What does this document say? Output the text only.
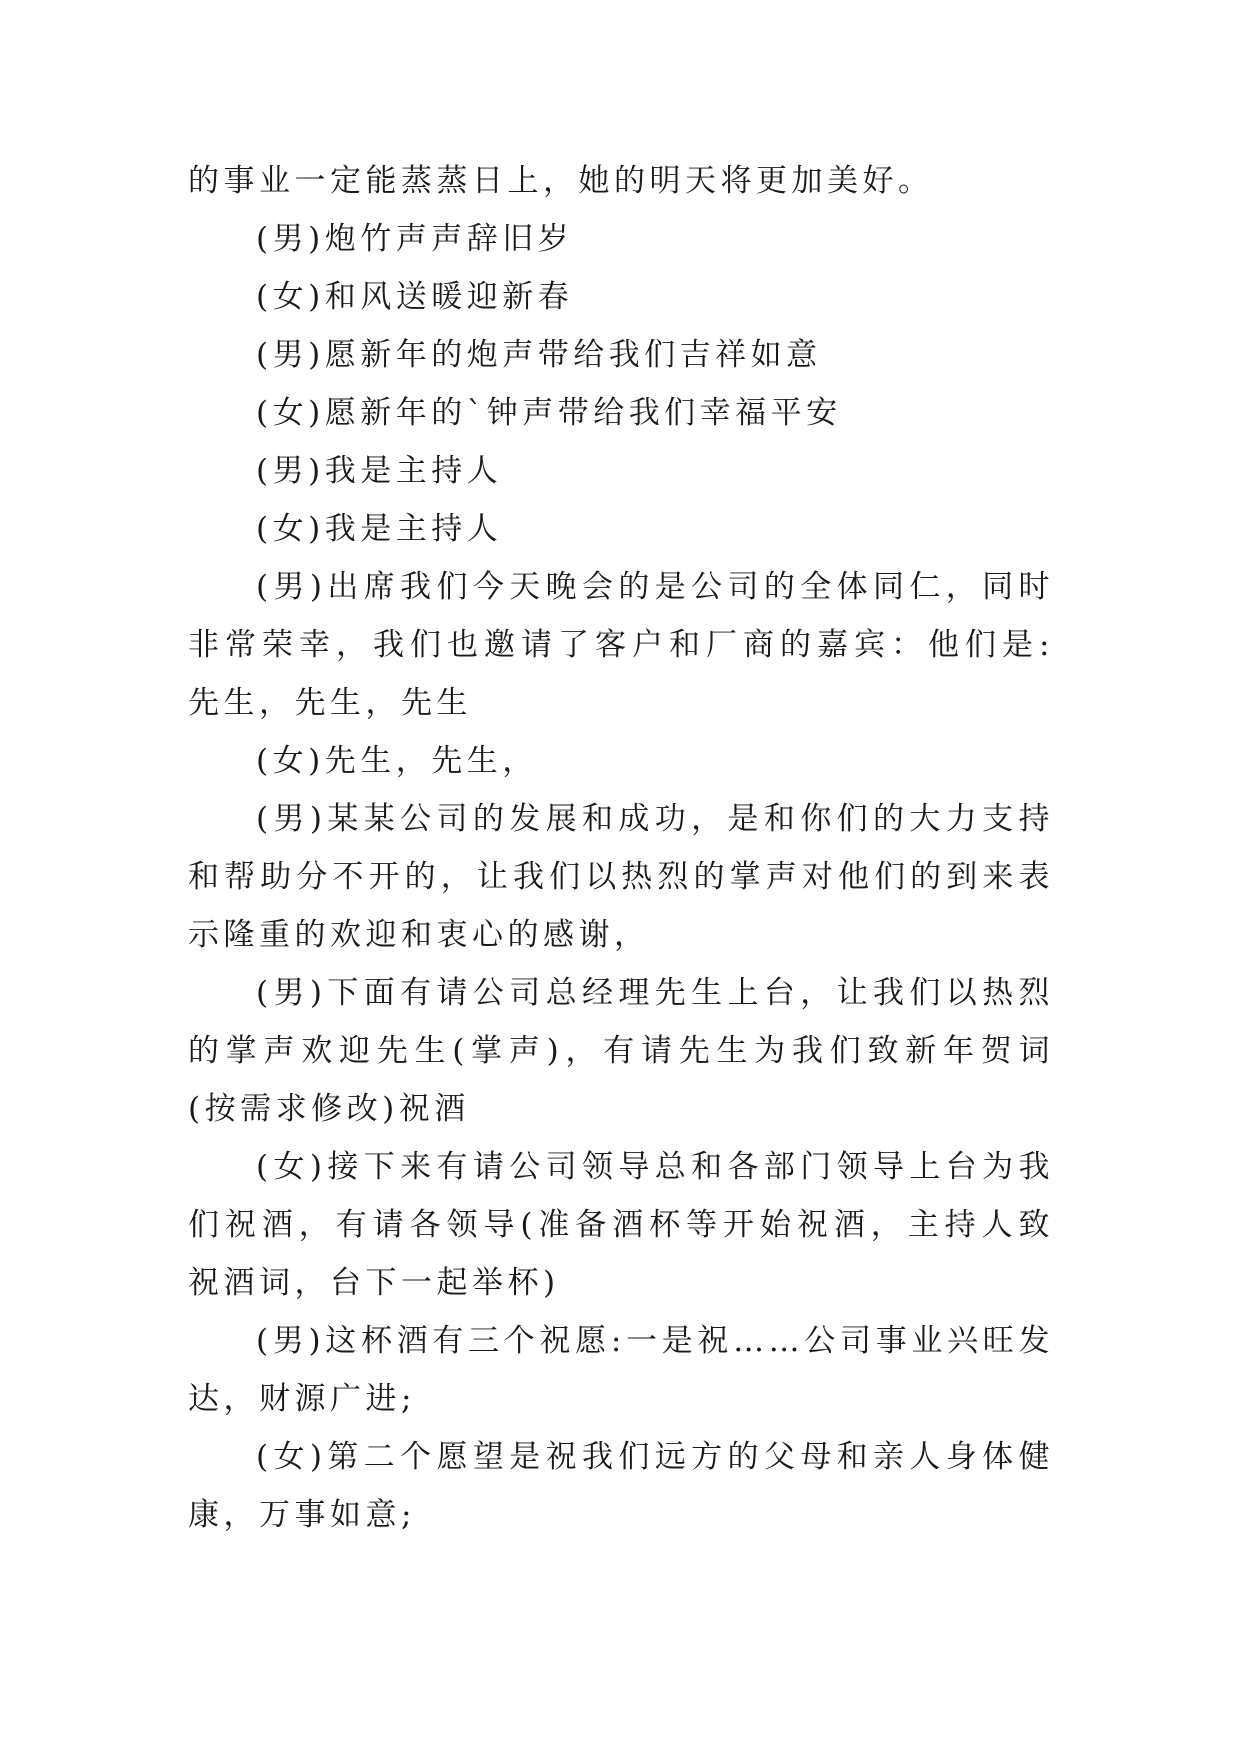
的事业一定能蒸蒸日上，她的明天将更加美好。

(男)炮竹声声辞旧岁

(女)和风送暖迎新春

(男)愿新年的炮声带给我们吉祥如意

(女)愿新年的`钟声带给我们幸福平安

(男)我是主持人

(女)我是主持人

(男)出席我们今天晚会的是公司的全体同仁，同时非常荣幸，我们也邀请了客户和厂商的嘉宾：他们是:先生，先生，先生

(女)先生，先生，

(男)某某公司的发展和成功，是和你们的大力支持和帮助分不开的，让我们以热烈的掌声对他们的到来表示隆重的欢迎和衷心的感谢，

(男)下面有请公司总经理先生上台，让我们以热烈的掌声欢迎先生(掌声)，有请先生为我们致新年贺词(按需求修改)祝酒

(女)接下来有请公司领导总和各部门领导上台为我们祝酒，有请各领导(准备酒杯等开始祝酒，主持人致祝酒词，台下一起举杯)

(男)这杯酒有三个祝愿:一是祝……公司事业兴旺发达，财源广进;

(女)第二个愿望是祝我们远方的父母和亲人身体健康，万事如意;
